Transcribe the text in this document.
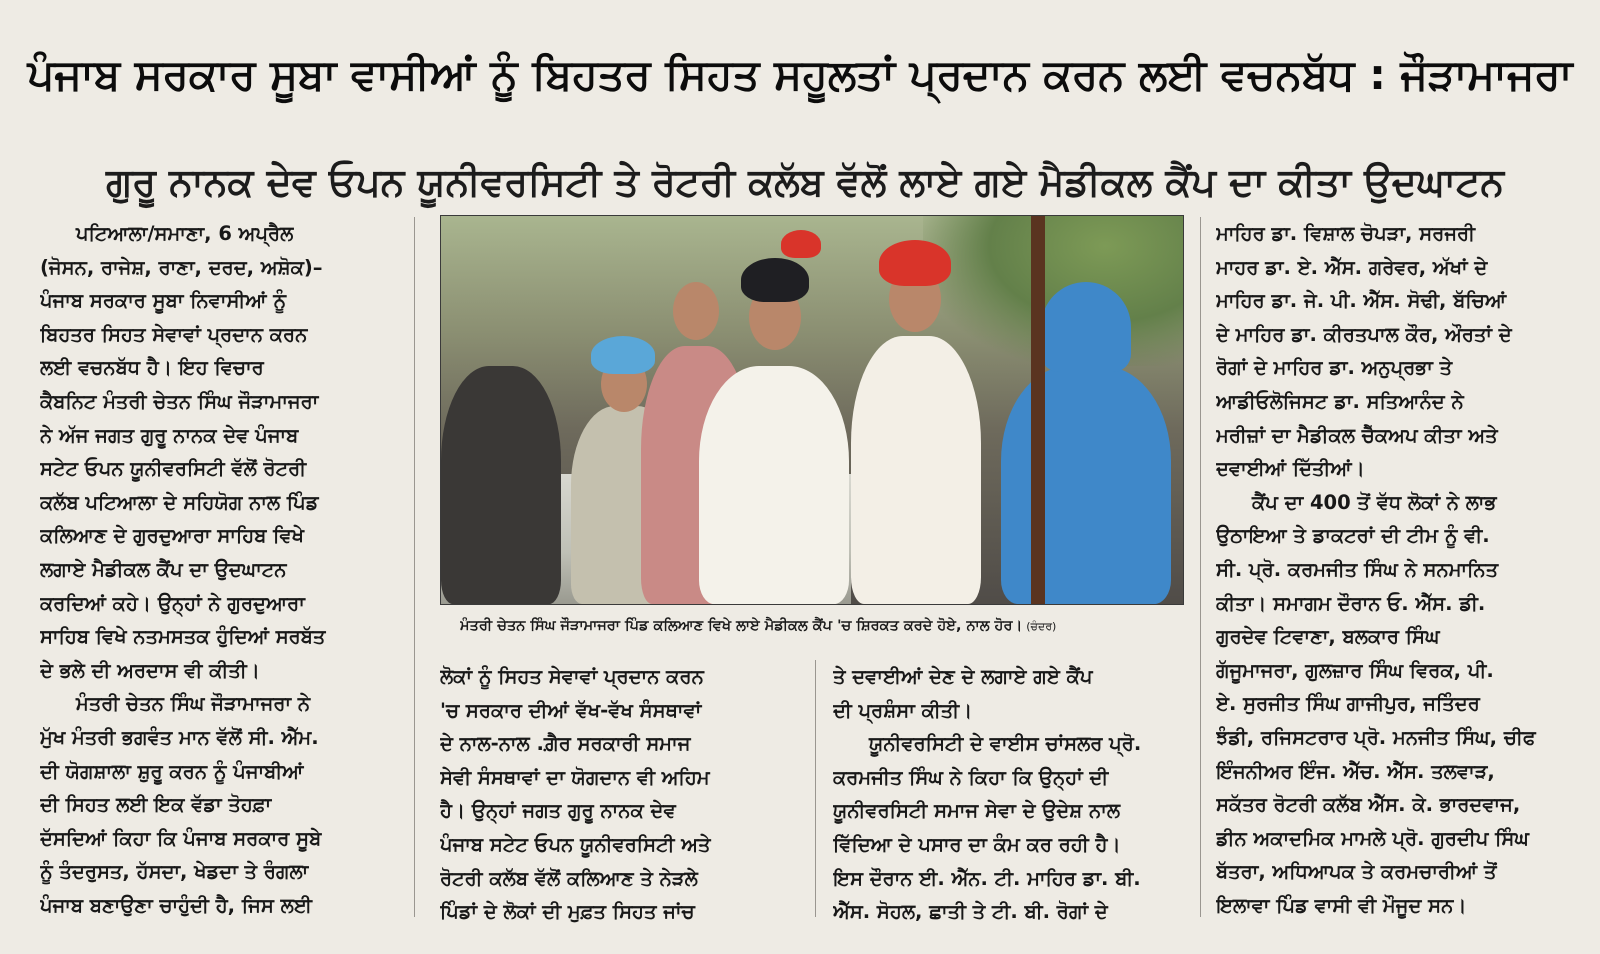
ਪੰਜਾਬ ਸਰਕਾਰ ਸੂਬਾ ਵਾਸੀਆਂ ਨੂੰ ਬਿਹਤਰ ਸਿਹਤ ਸਹੂਲਤਾਂ ਪ੍ਰਦਾਨ ਕਰਨ ਲਈ ਵਚਨਬੱਧ : ਜੌੜਾਮਾਜਰਾ
ਗੁਰੂ ਨਾਨਕ ਦੇਵ ਓਪਨ ਯੂਨੀਵਰਸਿਟੀ ਤੇ ਰੋਟਰੀ ਕਲੱਬ ਵੱਲੋਂ ਲਾਏ ਗਏ ਮੈਡੀਕਲ ਕੈਂਪ ਦਾ ਕੀਤਾ ਉਦਘਾਟਨ

ਪਟਿਆਲਾ/ਸਮਾਣਾ, 6 ਅਪ੍ਰੈਲ

(ਜੋਸਨ, ਰਾਜੇਸ਼, ਰਾਣਾ, ਦਰਦ, ਅਸ਼ੋਕ)–

ਪੰਜਾਬ ਸਰਕਾਰ ਸੂਬਾ ਨਿਵਾਸੀਆਂ ਨੂੰ

ਬਿਹਤਰ ਸਿਹਤ ਸੇਵਾਵਾਂ ਪ੍ਰਦਾਨ ਕਰਨ

ਲਈ ਵਚਨਬੱਧ ਹੈ। ਇਹ ਵਿਚਾਰ

ਕੈਬਨਿਟ ਮੰਤਰੀ ਚੇਤਨ ਸਿੰਘ ਜੌੜਾਮਾਜਰਾ

ਨੇ ਅੱਜ ਜਗਤ ਗੁਰੂ ਨਾਨਕ ਦੇਵ ਪੰਜਾਬ

ਸਟੇਟ ਓਪਨ ਯੂਨੀਵਰਸਿਟੀ ਵੱਲੋਂ ਰੋਟਰੀ

ਕਲੱਬ ਪਟਿਆਲਾ ਦੇ ਸਹਿਯੋਗ ਨਾਲ ਪਿੰਡ

ਕਲਿਆਣ ਦੇ ਗੁਰਦੁਆਰਾ ਸਾਹਿਬ ਵਿਖੇ

ਲਗਾਏ ਮੈਡੀਕਲ ਕੈਂਪ ਦਾ ਉਦਘਾਟਨ

ਕਰਦਿਆਂ ਕਹੇ। ਉਨ੍ਹਾਂ ਨੇ ਗੁਰਦੁਆਰਾ

ਸਾਹਿਬ ਵਿਖੇ ਨਤਮਸਤਕ ਹੁੰਦਿਆਂ ਸਰਬੱਤ

ਦੇ ਭਲੇ ਦੀ ਅਰਦਾਸ ਵੀ ਕੀਤੀ।

ਮੰਤਰੀ ਚੇਤਨ ਸਿੰਘ ਜੌੜਾਮਾਜਰਾ ਨੇ

ਮੁੱਖ ਮੰਤਰੀ ਭਗਵੰਤ ਮਾਨ ਵੱਲੋਂ ਸੀ. ਐੱਮ.

ਦੀ ਯੋਗਸ਼ਾਲਾ ਸ਼ੁਰੂ ਕਰਨ ਨੂੰ ਪੰਜਾਬੀਆਂ

ਦੀ ਸਿਹਤ ਲਈ ਇਕ ਵੱਡਾ ਤੋਹਫ਼ਾ

ਦੱਸਦਿਆਂ ਕਿਹਾ ਕਿ ਪੰਜਾਬ ਸਰਕਾਰ ਸੂਬੇ

ਨੂੰ ਤੰਦਰੁਸਤ, ਹੱਸਦਾ, ਖੇਡਦਾ ਤੇ ਰੰਗਲਾ

ਪੰਜਾਬ ਬਣਾਉਣਾ ਚਾਹੁੰਦੀ ਹੈ, ਜਿਸ ਲਈ

ਮੰਤਰੀ ਚੇਤਨ ਸਿੰਘ ਜੌੜਾਮਾਜਰਾ ਪਿੰਡ ਕਲਿਆਣ ਵਿਖੇ ਲਾਏ ਮੈਡੀਕਲ ਕੈਂਪ 'ਚ ਸ਼ਿਰਕਤ ਕਰਦੇ ਹੋਏ, ਨਾਲ ਹੋਰ। (ਚੰਦਰ)

ਲੋਕਾਂ ਨੂੰ ਸਿਹਤ ਸੇਵਾਵਾਂ ਪ੍ਰਦਾਨ ਕਰਨ

'ਚ ਸਰਕਾਰ ਦੀਆਂ ਵੱਖ-ਵੱਖ ਸੰਸਥਾਵਾਂ

ਦੇ ਨਾਲ-ਨਾਲ .ਗ਼ੈਰ ਸਰਕਾਰੀ ਸਮਾਜ

ਸੇਵੀ ਸੰਸਥਾਵਾਂ ਦਾ ਯੋਗਦਾਨ ਵੀ ਅਹਿਮ

ਹੈ। ਉਨ੍ਹਾਂ ਜਗਤ ਗੁਰੂ ਨਾਨਕ ਦੇਵ

ਪੰਜਾਬ ਸਟੇਟ ਓਪਨ ਯੂਨੀਵਰਸਿਟੀ ਅਤੇ

ਰੋਟਰੀ ਕਲੱਬ ਵੱਲੋਂ ਕਲਿਆਣ ਤੇ ਨੇੜਲੇ

ਪਿੰਡਾਂ ਦੇ ਲੋਕਾਂ ਦੀ ਮੁਫ਼ਤ ਸਿਹਤ ਜਾਂਚ

ਤੇ ਦਵਾਈਆਂ ਦੇਣ ਦੇ ਲਗਾਏ ਗਏ ਕੈਂਪ

ਦੀ ਪ੍ਰਸ਼ੰਸਾ ਕੀਤੀ।

ਯੂਨੀਵਰਸਿਟੀ ਦੇ ਵਾਈਸ ਚਾਂਸਲਰ ਪ੍ਰੋ.

ਕਰਮਜੀਤ ਸਿੰਘ ਨੇ ਕਿਹਾ ਕਿ ਉਨ੍ਹਾਂ ਦੀ

ਯੂਨੀਵਰਸਿਟੀ ਸਮਾਜ ਸੇਵਾ ਦੇ ਉਦੇਸ਼ ਨਾਲ

ਵਿੱਦਿਆ ਦੇ ਪਸਾਰ ਦਾ ਕੰਮ ਕਰ ਰਹੀ ਹੈ।

ਇਸ ਦੌਰਾਨ ਈ. ਐੱਨ. ਟੀ. ਮਾਹਿਰ ਡਾ. ਬੀ.

ਐੱਸ. ਸੋਹਲ, ਛਾਤੀ ਤੇ ਟੀ. ਬੀ. ਰੋਗਾਂ ਦੇ

ਮਾਹਿਰ ਡਾ. ਵਿਸ਼ਾਲ ਚੋਪੜਾ, ਸਰਜਰੀ

ਮਾਹਰ ਡਾ. ਏ. ਐੱਸ. ਗਰੇਵਰ, ਅੱਖਾਂ ਦੇ

ਮਾਹਿਰ ਡਾ. ਜੇ. ਪੀ. ਐੱਸ. ਸੋਢੀ, ਬੱਚਿਆਂ

ਦੇ ਮਾਹਿਰ ਡਾ. ਕੀਰਤਪਾਲ ਕੌਰ, ਔਰਤਾਂ ਦੇ

ਰੋਗਾਂ ਦੇ ਮਾਹਿਰ ਡਾ. ਅਨੁਪ੍ਰਭਾ ਤੇ

ਆਡੀਓਲੋਜਿਸਟ ਡਾ. ਸਤਿਆਨੰਦ ਨੇ

ਮਰੀਜ਼ਾਂ ਦਾ ਮੈਡੀਕਲ ਚੈੱਕਅਪ ਕੀਤਾ ਅਤੇ

ਦਵਾਈਆਂ ਦਿੱਤੀਆਂ।

ਕੈਂਪ ਦਾ 400 ਤੋਂ ਵੱਧ ਲੋਕਾਂ ਨੇ ਲਾਭ

ਉਠਾਇਆ ਤੇ ਡਾਕਟਰਾਂ ਦੀ ਟੀਮ ਨੂੰ ਵੀ.

ਸੀ. ਪ੍ਰੋ. ਕਰਮਜੀਤ ਸਿੰਘ ਨੇ ਸਨਮਾਨਿਤ

ਕੀਤਾ। ਸਮਾਗਮ ਦੌਰਾਨ ਓ. ਐੱਸ. ਡੀ.

ਗੁਰਦੇਵ ਟਿਵਾਣਾ, ਬਲਕਾਰ ਸਿੰਘ

ਗੱਜੂਮਾਜਰਾ, ਗੁਲਜ਼ਾਰ ਸਿੰਘ ਵਿਰਕ, ਪੀ.

ਏ. ਸੁਰਜੀਤ ਸਿੰਘ ਗਾਜੀਪੁਰ, ਜਤਿੰਦਰ

ਝੰਡੀ, ਰਜਿਸਟਰਾਰ ਪ੍ਰੋ. ਮਨਜੀਤ ਸਿੰਘ, ਚੀਫ

ਇੰਜਨੀਅਰ ਇੰਜ. ਐੱਚ. ਐੱਸ. ਤਲਵਾੜ,

ਸਕੱਤਰ ਰੋਟਰੀ ਕਲੱਬ ਐੱਸ. ਕੇ. ਭਾਰਦਵਾਜ,

ਡੀਨ ਅਕਾਦਮਿਕ ਮਾਮਲੇ ਪ੍ਰੋ. ਗੁਰਦੀਪ ਸਿੰਘ

ਬੱਤਰਾ, ਅਧਿਆਪਕ ਤੇ ਕਰਮਚਾਰੀਆਂ ਤੋਂ

ਇਲਾਵਾ ਪਿੰਡ ਵਾਸੀ ਵੀ ਮੌਜੂਦ ਸਨ।
